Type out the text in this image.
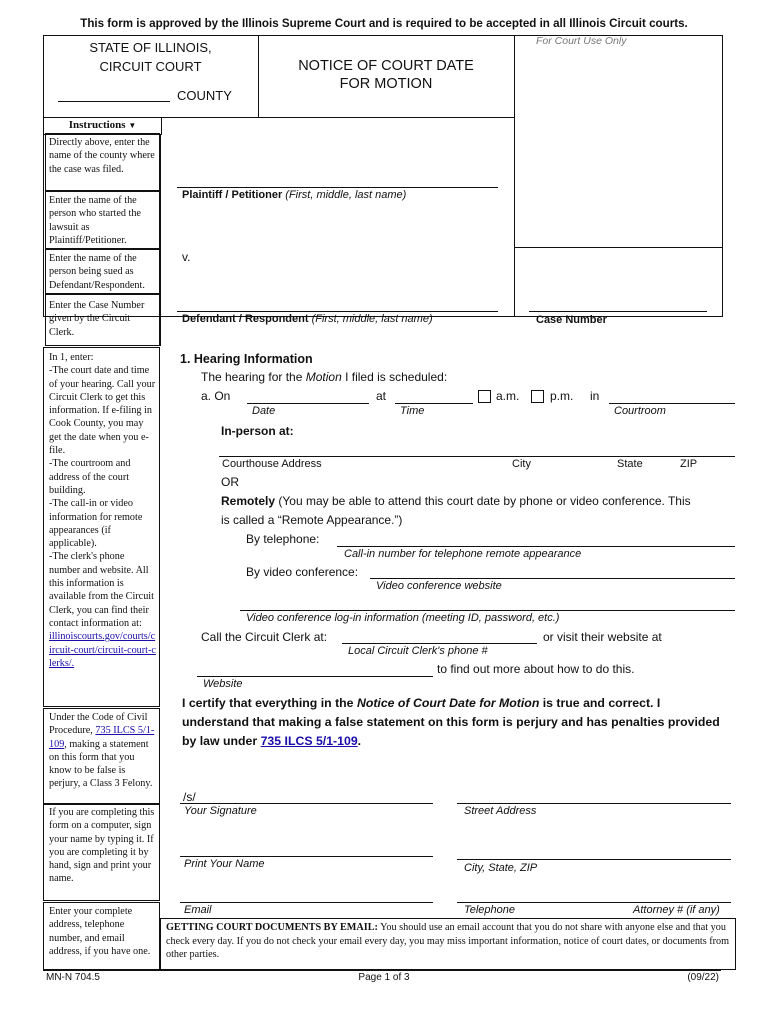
This form is approved by the Illinois Supreme Court and is required to be accepted in all Illinois Circuit courts.
STATE OF ILLINOIS,
CIRCUIT COURT
COUNTY
NOTICE OF COURT DATE
FOR MOTION
For Court Use Only
Instructions ▼
Directly above, enter the name of the county where the case was filed.
Enter the name of the person who started the lawsuit as Plaintiff/Petitioner.
Enter the name of the person being sued as Defendant/Respondent.
Enter the Case Number given by the Circuit Clerk.
Plaintiff / Petitioner (First, middle, last name)
v.
Defendant / Respondent (First, middle, last name)	Case Number
In 1, enter:
-The court date and time of your hearing. Call your Circuit Clerk to get this information. If e-filing in Cook County, you may get the date when you e-file.
-The courtroom and address of the court building.
-The call-in or video information for remote appearances (if applicable).
-The clerk's phone number and website. All this information is available from the Circuit Clerk, you can find their contact information at:
illinoiscourts.gov/courts/circuit-court/circuit-court-clerks/.
Under the Code of Civil Procedure, 735 ILCS 5/1-109, making a statement on this form that you know to be false is perjury, a Class 3 Felony.
If you are completing this form on a computer, sign your name by typing it. If you are completing it by hand, sign and print your name.
Enter your complete address, telephone number, and email address, if you have one.
1. Hearing Information
The hearing for the Motion I filed is scheduled:
a. On	at	a.m.	p.m. in
Date	Time	Courtroom
In-person at:
Courthouse Address	City	State	ZIP
OR
Remotely (You may be able to attend this court date by phone or video conference. This
is called a “Remote Appearance.”)
By telephone:
Call-in number for telephone remote appearance
By video conference:
Video conference website
Video conference log-in information (meeting ID, password, etc.)
Call the Circuit Clerk at:	or visit their website at
Local Circuit Clerk's phone #
to find out more about how to do this.
Website
I certify that everything in the Notice of Court Date for Motion is true and correct. I
understand that making a false statement on this form is perjury and has penalties provided
by law under 735 ILCS 5/1-109.
/s/
Your Signature	Street Address
Print Your Name	City, State, ZIP
Email	Telephone	Attorney # (if any)
GETTING COURT DOCUMENTS BY EMAIL: You should use an email account that you do not share with anyone else and that you check every day. If you do not check your email every day, you may miss important information, notice of court dates, or documents from other parties.
MN-N 704.5	Page 1 of 3	(09/22)
